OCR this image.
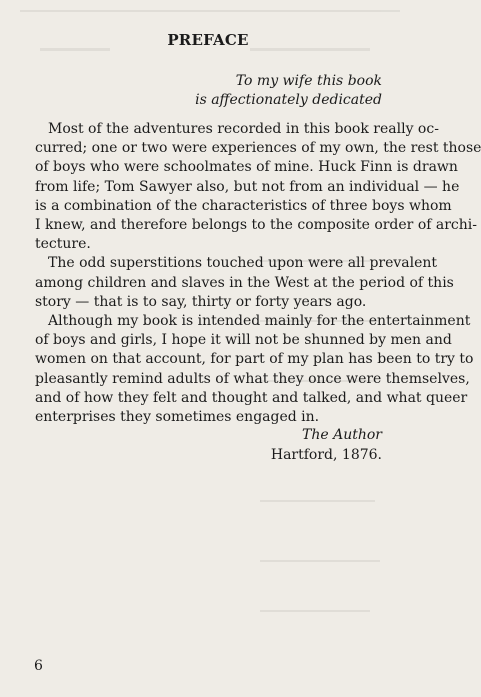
PREFACE
To my wife this book
is affectionately dedicated

Most of the adventures recorded in this book really oc-
curred; one or two were experiences of my own, the rest those
of boys who were schoolmates of mine. Huck Finn is drawn
from life; Tom Sawyer also, but not from an individual — he
is a combination of the characteristics of three boys whom
I knew, and therefore belongs to the composite order of archi-
tecture.

The odd superstitions touched upon were all prevalent
among children and slaves in the West at the period of this
story — that is to say, thirty or forty years ago.

Although my book is intended mainly for the entertainment
of boys and girls, I hope it will not be shunned by men and
women on that account, for part of my plan has been to try to
pleasantly remind adults of what they once were themselves,
and of how they felt and thought and talked, and what queer
enterprises they sometimes engaged in.

The Author
Hartford, 1876.
6
